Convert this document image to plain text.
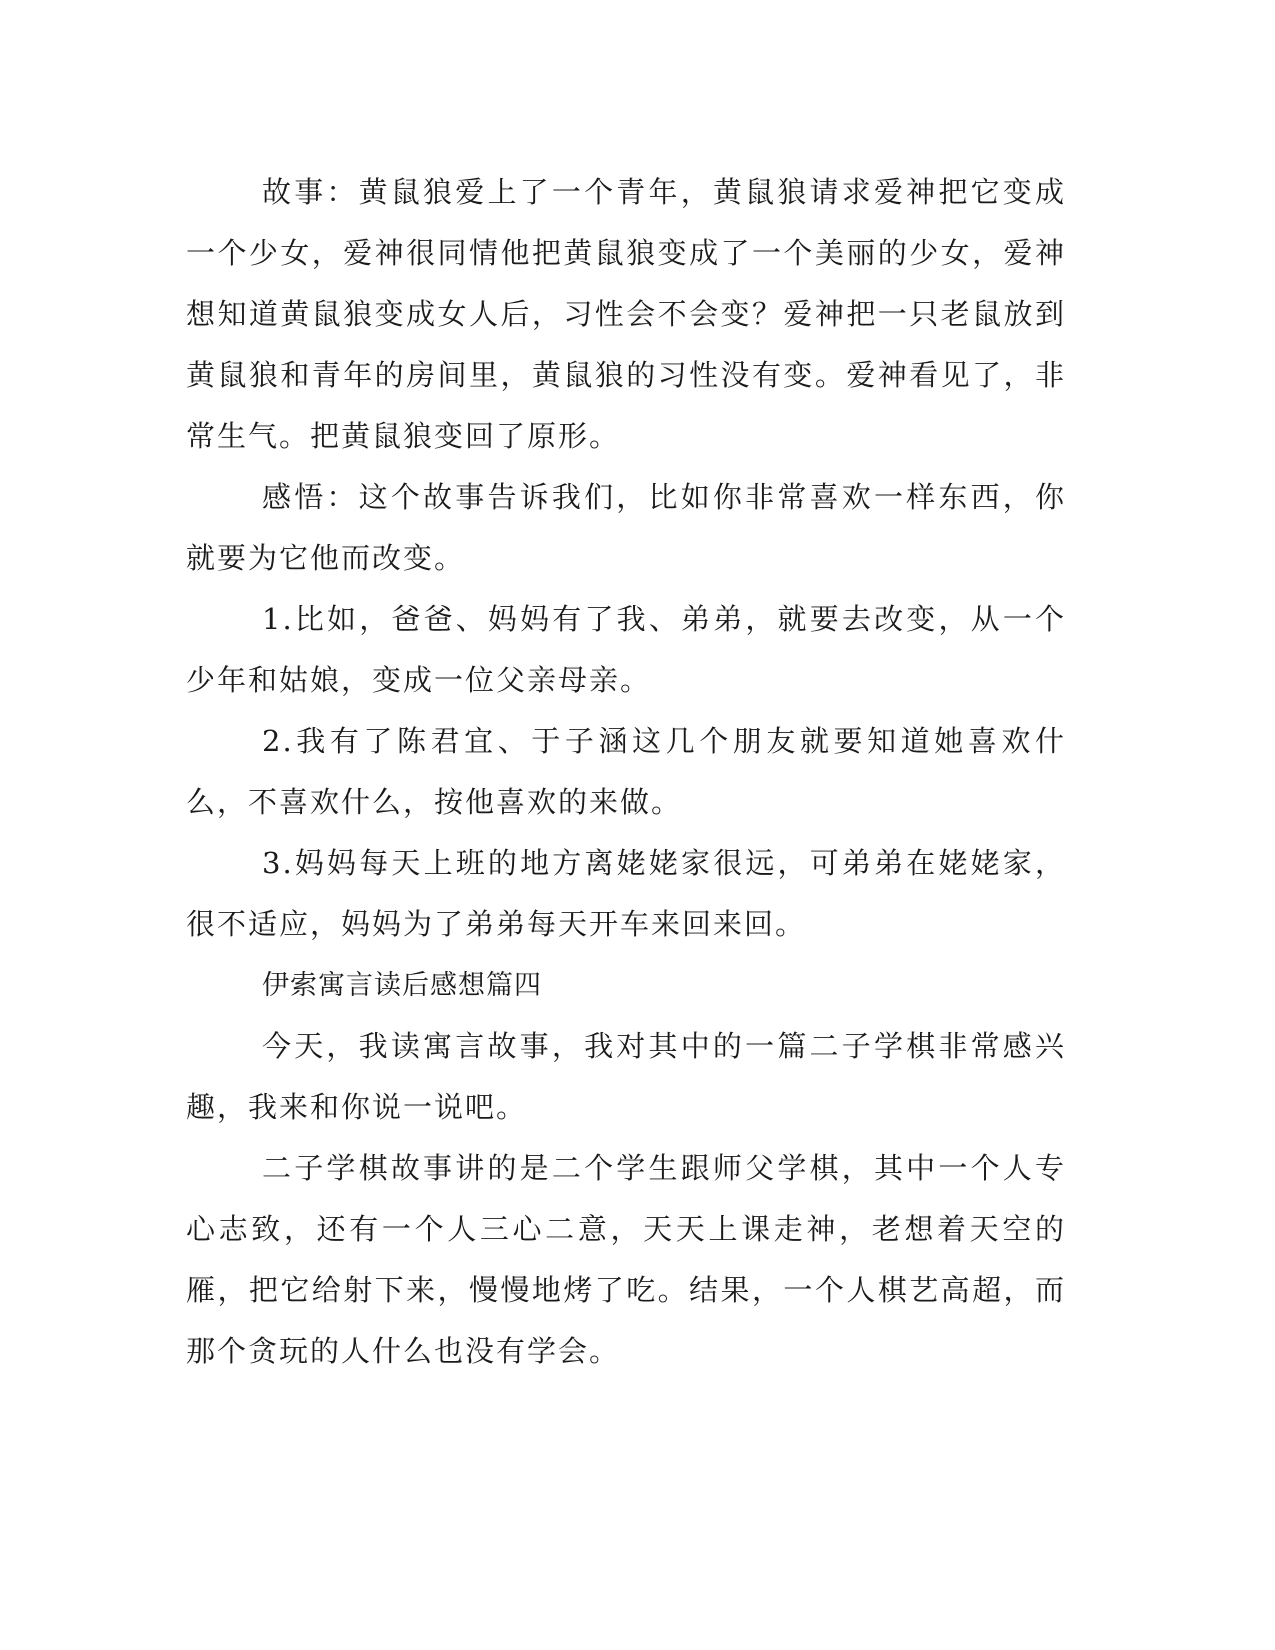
故事：黄鼠狼爱上了一个青年，黄鼠狼请求爱神把它变成一个少女，爱神很同情他把黄鼠狼变成了一个美丽的少女，爱神想知道黄鼠狼变成女人后，习性会不会变？爱神把一只老鼠放到黄鼠狼和青年的房间里，黄鼠狼的习性没有变。爱神看见了，非常生气。把黄鼠狼变回了原形。

感悟：这个故事告诉我们，比如你非常喜欢一样东西，你就要为它他而改变。

1.比如，爸爸、妈妈有了我、弟弟，就要去改变，从一个少年和姑娘，变成一位父亲母亲。

2.我有了陈君宜、于子涵这几个朋友就要知道她喜欢什么，不喜欢什么，按他喜欢的来做。

3.妈妈每天上班的地方离姥姥家很远，可弟弟在姥姥家，很不适应，妈妈为了弟弟每天开车来回来回。

伊索寓言读后感想篇四

今天，我读寓言故事，我对其中的一篇二子学棋非常感兴趣，我来和你说一说吧。

二子学棋故事讲的是二个学生跟师父学棋，其中一个人专心志致，还有一个人三心二意，天天上课走神，老想着天空的雁，把它给射下来，慢慢地烤了吃。结果，一个人棋艺高超，而那个贪玩的人什么也没有学会。
